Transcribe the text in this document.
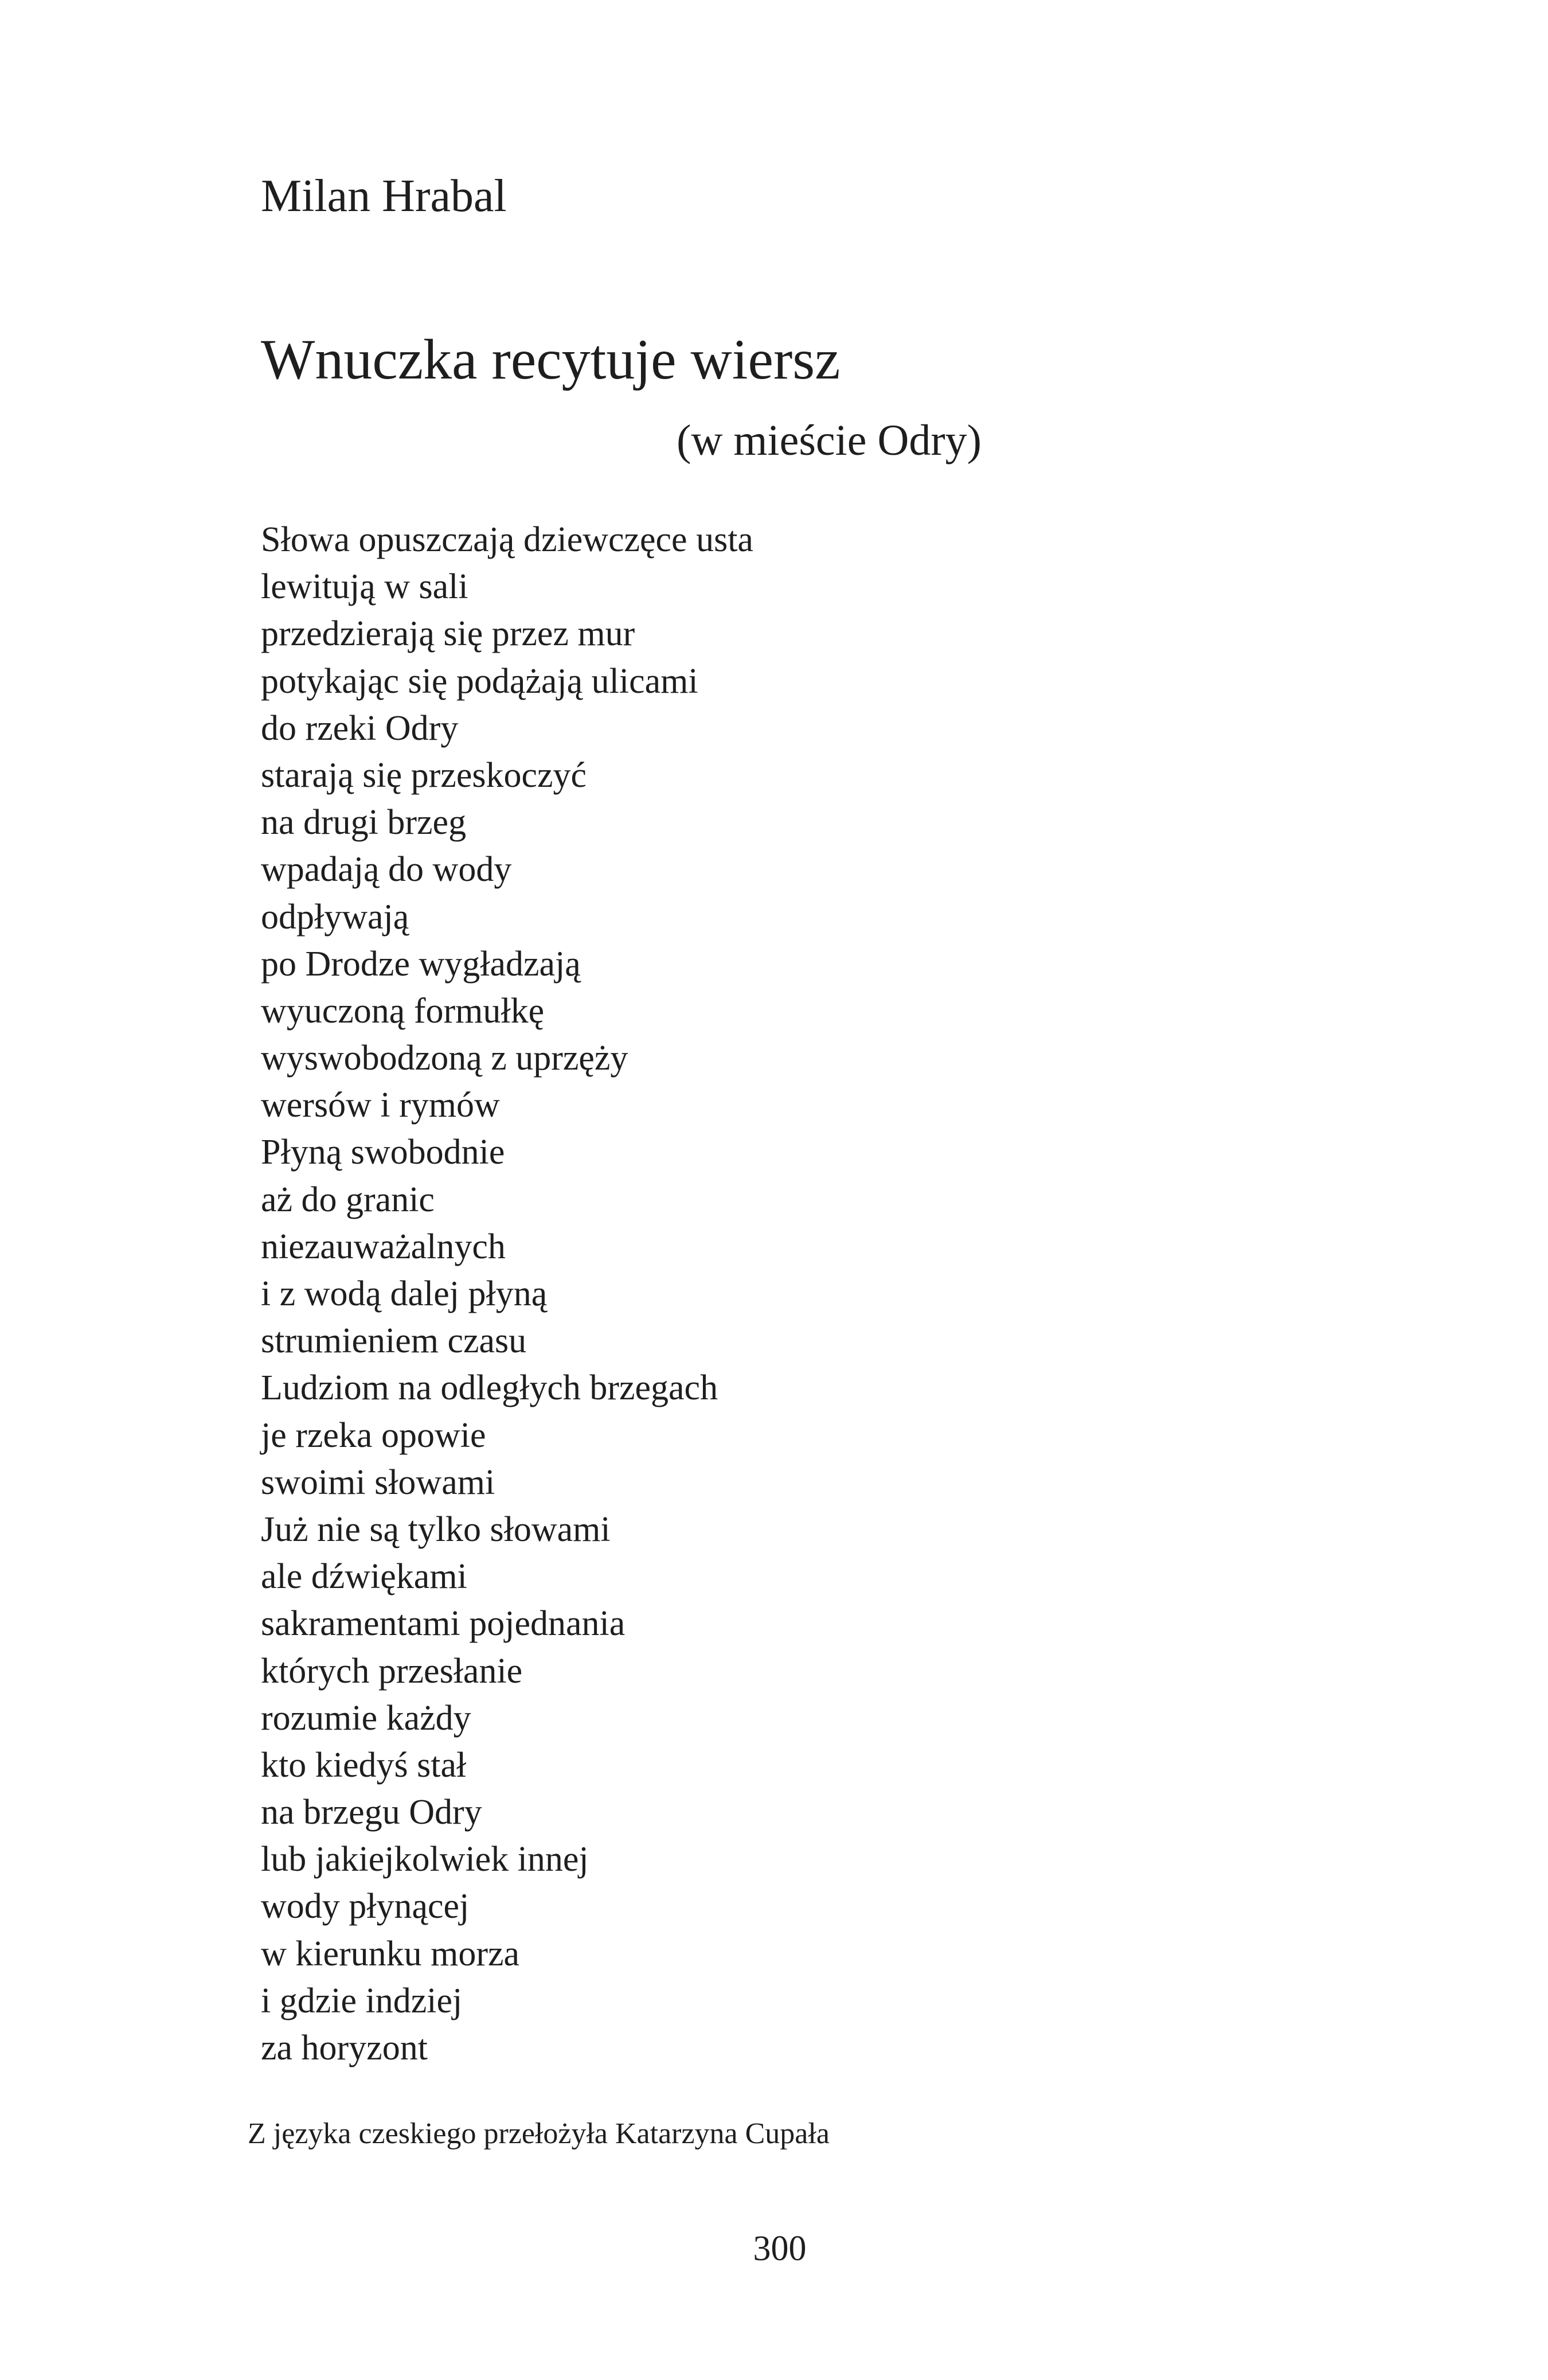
Milan Hrabal

Wnuczka recytuje wiersz

(w mieście Odry)

Słowa opuszczają dziewczęce usta
lewitują w sali
przedzierają się przez mur
potykając się podążają ulicami
do rzeki Odry
starają się przeskoczyć
na drugi brzeg
wpadają do wody
odpływają
po Drodze wygładzają
wyuczoną formułkę
wyswobodzoną z uprzęży
wersów i rymów
Płyną swobodnie
aż do granic
niezauważalnych
i z wodą dalej płyną
strumieniem czasu
Ludziom na odległych brzegach
je rzeka opowie
swoimi słowami
Już nie są tylko słowami
ale dźwiękami
sakramentami pojednania
których przesłanie
rozumie każdy
kto kiedyś stał
na brzegu Odry
lub jakiejkolwiek innej
wody płynącej
w kierunku morza
i gdzie indziej
za horyzont

Z języka czeskiego przełożyła Katarzyna Cupała

300
